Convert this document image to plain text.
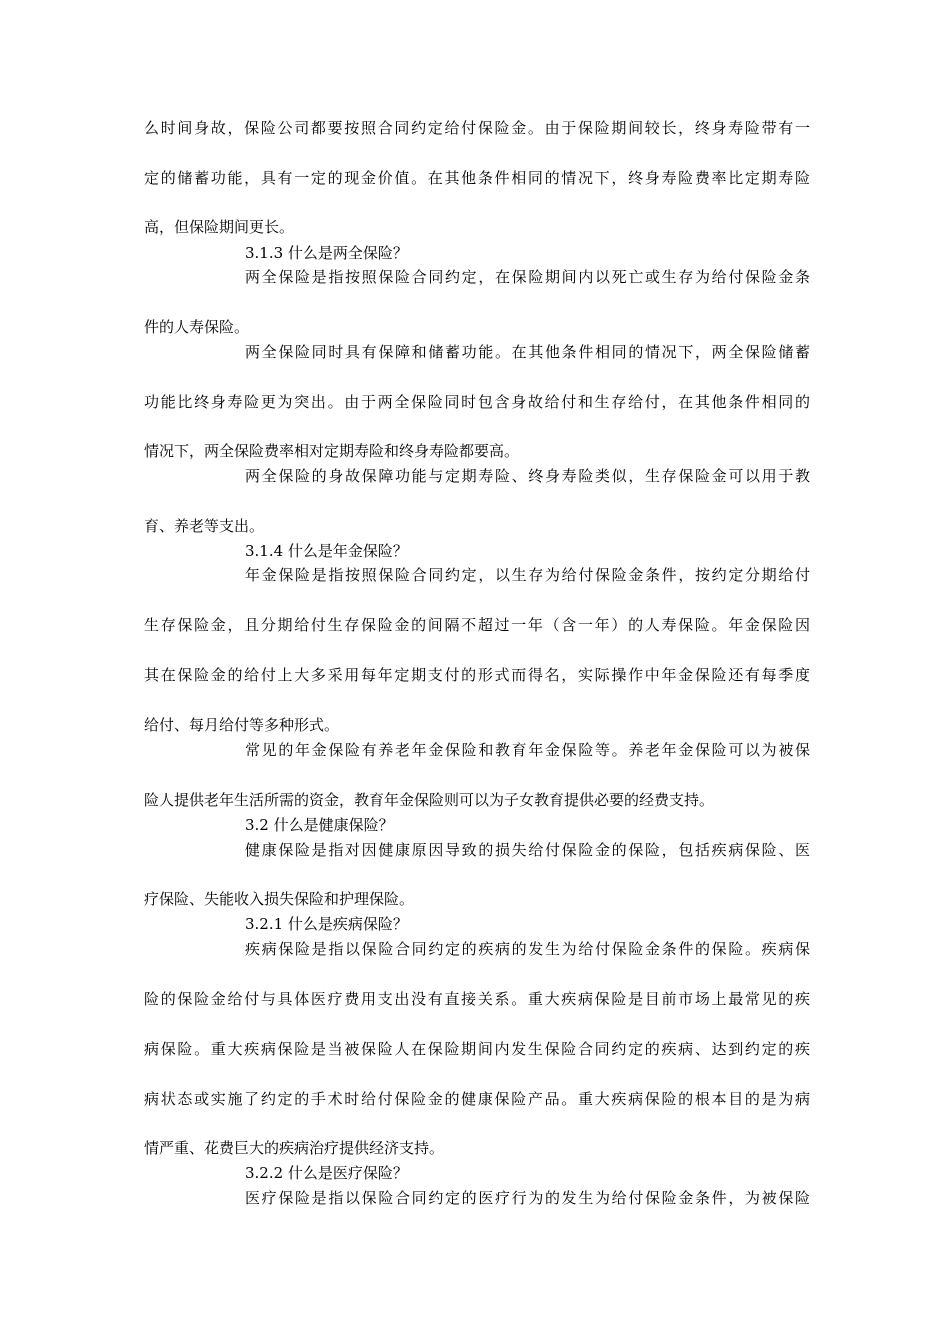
么时间身故，保险公司都要按照合同约定给付保险金。由于保险期间较长，终身寿险带有一
定的储蓄功能，具有一定的现金价值。在其他条件相同的情况下，终身寿险费率比定期寿险
高，但保险期间更长。
3.1.3 什么是两全保险？
两全保险是指按照保险合同约定，在保险期间内以死亡或生存为给付保险金条
件的人寿保险。
两全保险同时具有保障和储蓄功能。在其他条件相同的情况下，两全保险储蓄
功能比终身寿险更为突出。由于两全保险同时包含身故给付和生存给付，在其他条件相同的
情况下，两全保险费率相对定期寿险和终身寿险都要高。
两全保险的身故保障功能与定期寿险、终身寿险类似，生存保险金可以用于教
育、养老等支出。
3.1.4 什么是年金保险？
年金保险是指按照保险合同约定，以生存为给付保险金条件，按约定分期给付
生存保险金，且分期给付生存保险金的间隔不超过一年（含一年）的人寿保险。年金保险因
其在保险金的给付上大多采用每年定期支付的形式而得名，实际操作中年金保险还有每季度
给付、每月给付等多种形式。
常见的年金保险有养老年金保险和教育年金保险等。养老年金保险可以为被保
险人提供老年生活所需的资金，教育年金保险则可以为子女教育提供必要的经费支持。
3.2 什么是健康保险？
健康保险是指对因健康原因导致的损失给付保险金的保险，包括疾病保险、医
疗保险、失能收入损失保险和护理保险。
3.2.1 什么是疾病保险？
疾病保险是指以保险合同约定的疾病的发生为给付保险金条件的保险。疾病保
险的保险金给付与具体医疗费用支出没有直接关系。重大疾病保险是目前市场上最常见的疾
病保险。重大疾病保险是当被保险人在保险期间内发生保险合同约定的疾病、达到约定的疾
病状态或实施了约定的手术时给付保险金的健康保险产品。重大疾病保险的根本目的是为病
情严重、花费巨大的疾病治疗提供经济支持。
3.2.2 什么是医疗保险？
医疗保险是指以保险合同约定的医疗行为的发生为给付保险金条件，为被保险
